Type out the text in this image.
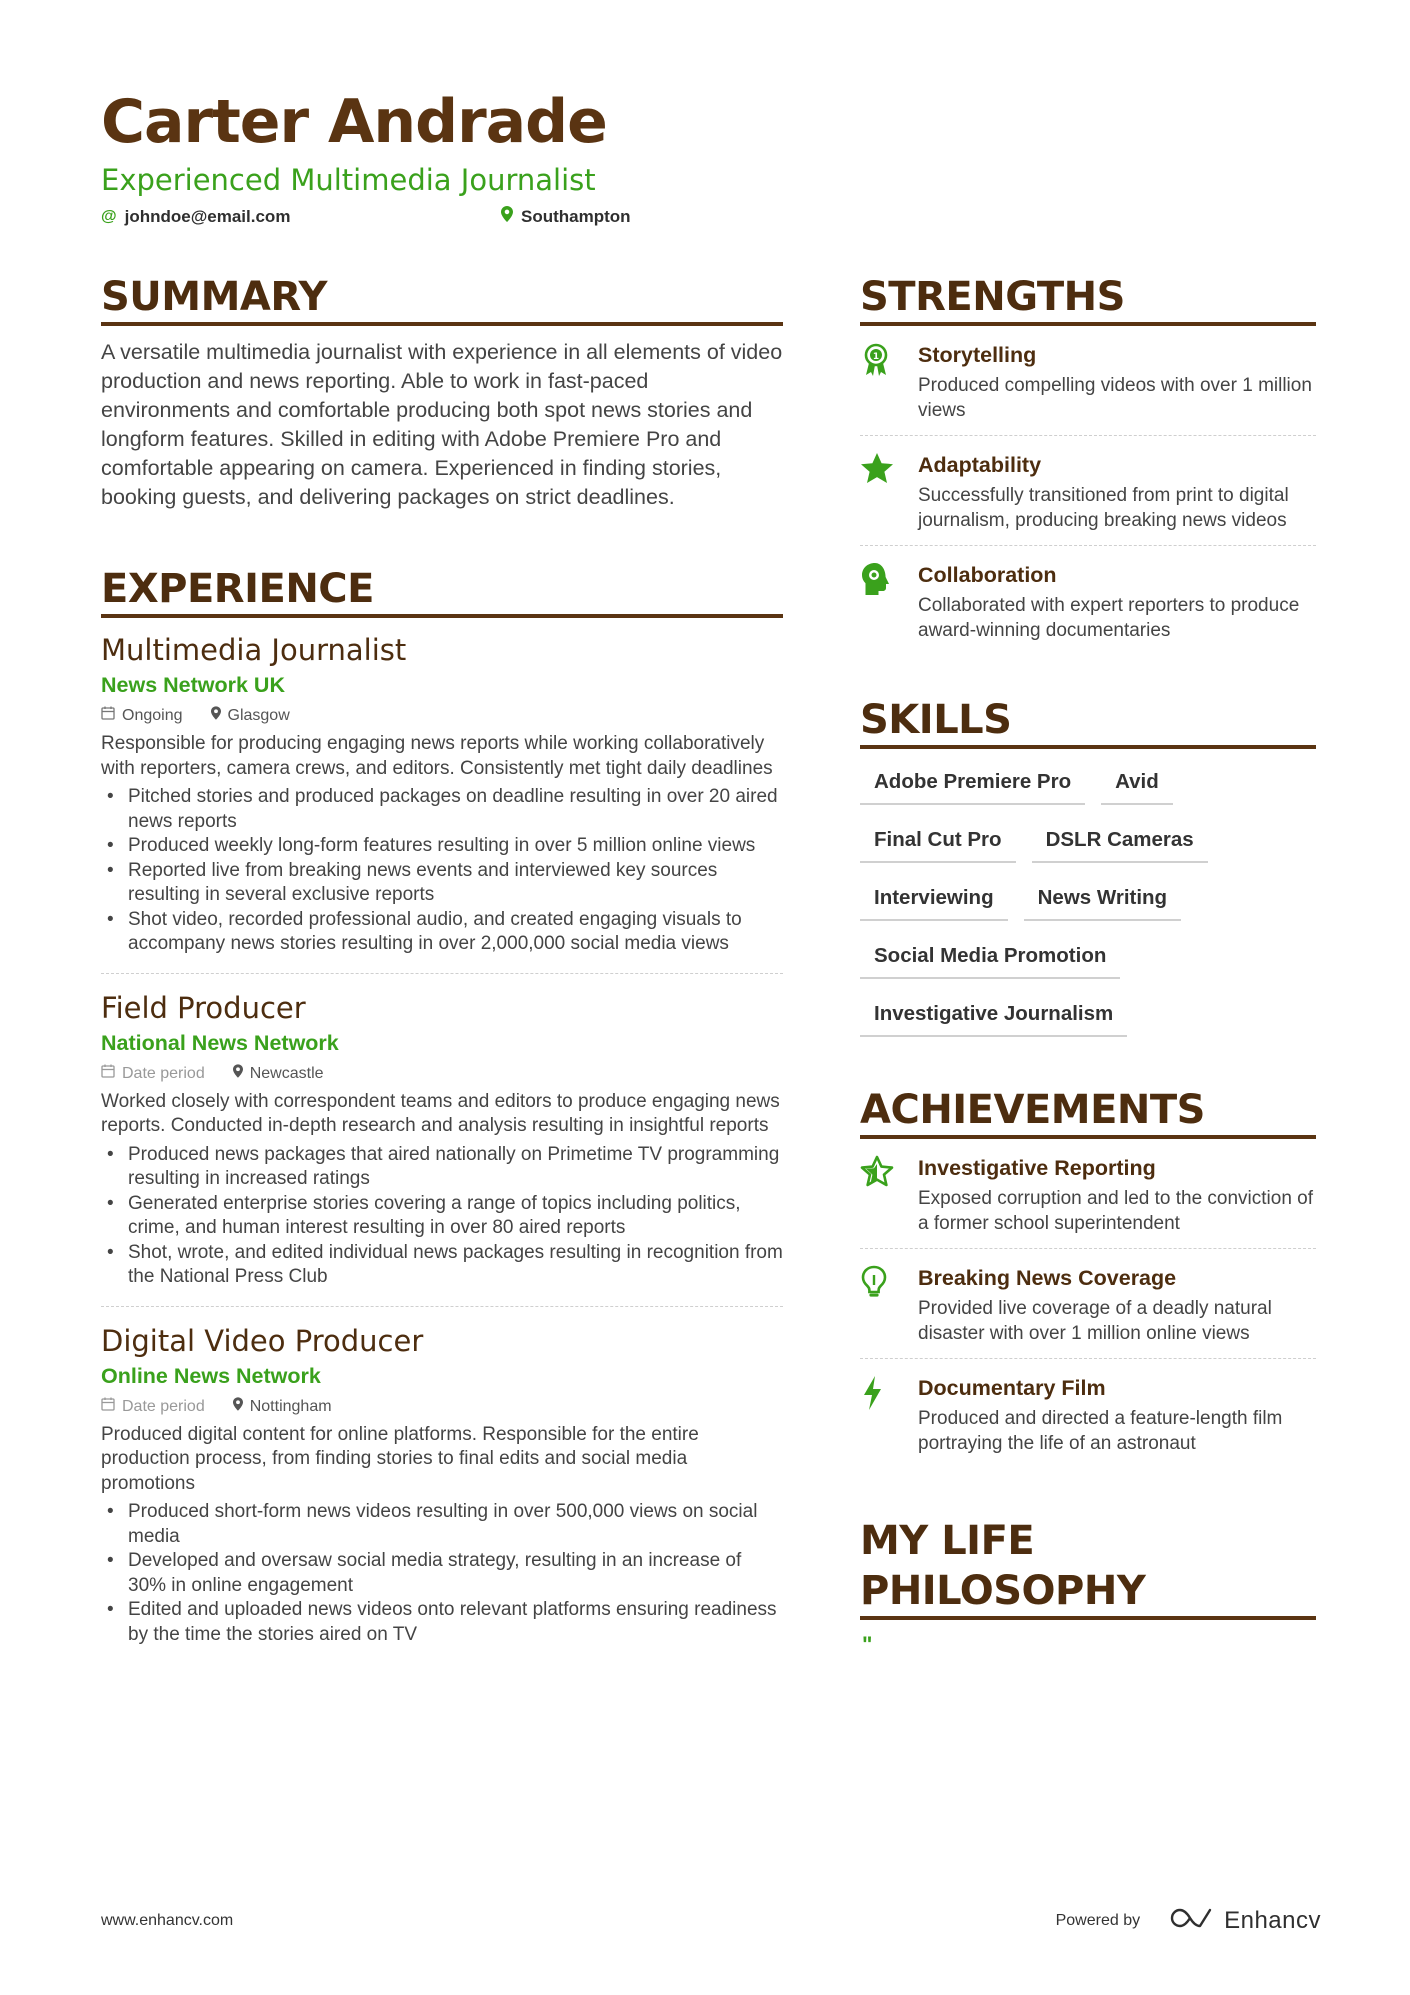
Carter Andrade
Experienced Multimedia Journalist
@ johndoe@email.com	Southampton
SUMMARY
A versatile multimedia journalist with experience in all elements of video production and news reporting. Able to work in fast-paced environments and comfortable producing both spot news stories and longform features. Skilled in editing with Adobe Premiere Pro and comfortable appearing on camera. Experienced in finding stories, booking guests, and delivering packages on strict deadlines.
EXPERIENCE
Multimedia Journalist
News Network UK
Ongoing	Glasgow
Responsible for producing engaging news reports while working collaboratively with reporters, camera crews, and editors. Consistently met tight daily deadlines
• Pitched stories and produced packages on deadline resulting in over 20 aired news reports
• Produced weekly long-form features resulting in over 5 million online views
• Reported live from breaking news events and interviewed key sources resulting in several exclusive reports
• Shot video, recorded professional audio, and created engaging visuals to accompany news stories resulting in over 2,000,000 social media views
Field Producer
National News Network
Date period	Newcastle
Worked closely with correspondent teams and editors to produce engaging news reports. Conducted in-depth research and analysis resulting in insightful reports
• Produced news packages that aired nationally on Primetime TV programming resulting in increased ratings
• Generated enterprise stories covering a range of topics including politics, crime, and human interest resulting in over 80 aired reports
• Shot, wrote, and edited individual news packages resulting in recognition from the National Press Club
Digital Video Producer
Online News Network
Date period	Nottingham
Produced digital content for online platforms. Responsible for the entire production process, from finding stories to final edits and social media promotions
• Produced short-form news videos resulting in over 500,000 views on social media
• Developed and oversaw social media strategy, resulting in an increase of 30% in online engagement
• Edited and uploaded news videos onto relevant platforms ensuring readiness by the time the stories aired on TV
STRENGTHS
1 Storytelling
Produced compelling videos with over 1 million views
Adaptability
Successfully transitioned from print to digital journalism, producing breaking news videos
Collaboration
Collaborated with expert reporters to produce award-winning documentaries
SKILLS
Adobe Premiere Pro	Avid
Final Cut Pro	DSLR Cameras
Interviewing	News Writing
Social Media Promotion
Investigative Journalism
ACHIEVEMENTS
Investigative Reporting
Exposed corruption and led to the conviction of a former school superintendent
Breaking News Coverage
Provided live coverage of a deadly natural disaster with over 1 million online views
Documentary Film
Produced and directed a feature-length film portraying the life of an astronaut
MY LIFE PHILOSOPHY
"
www.enhancv.com	Powered by	Enhancv
